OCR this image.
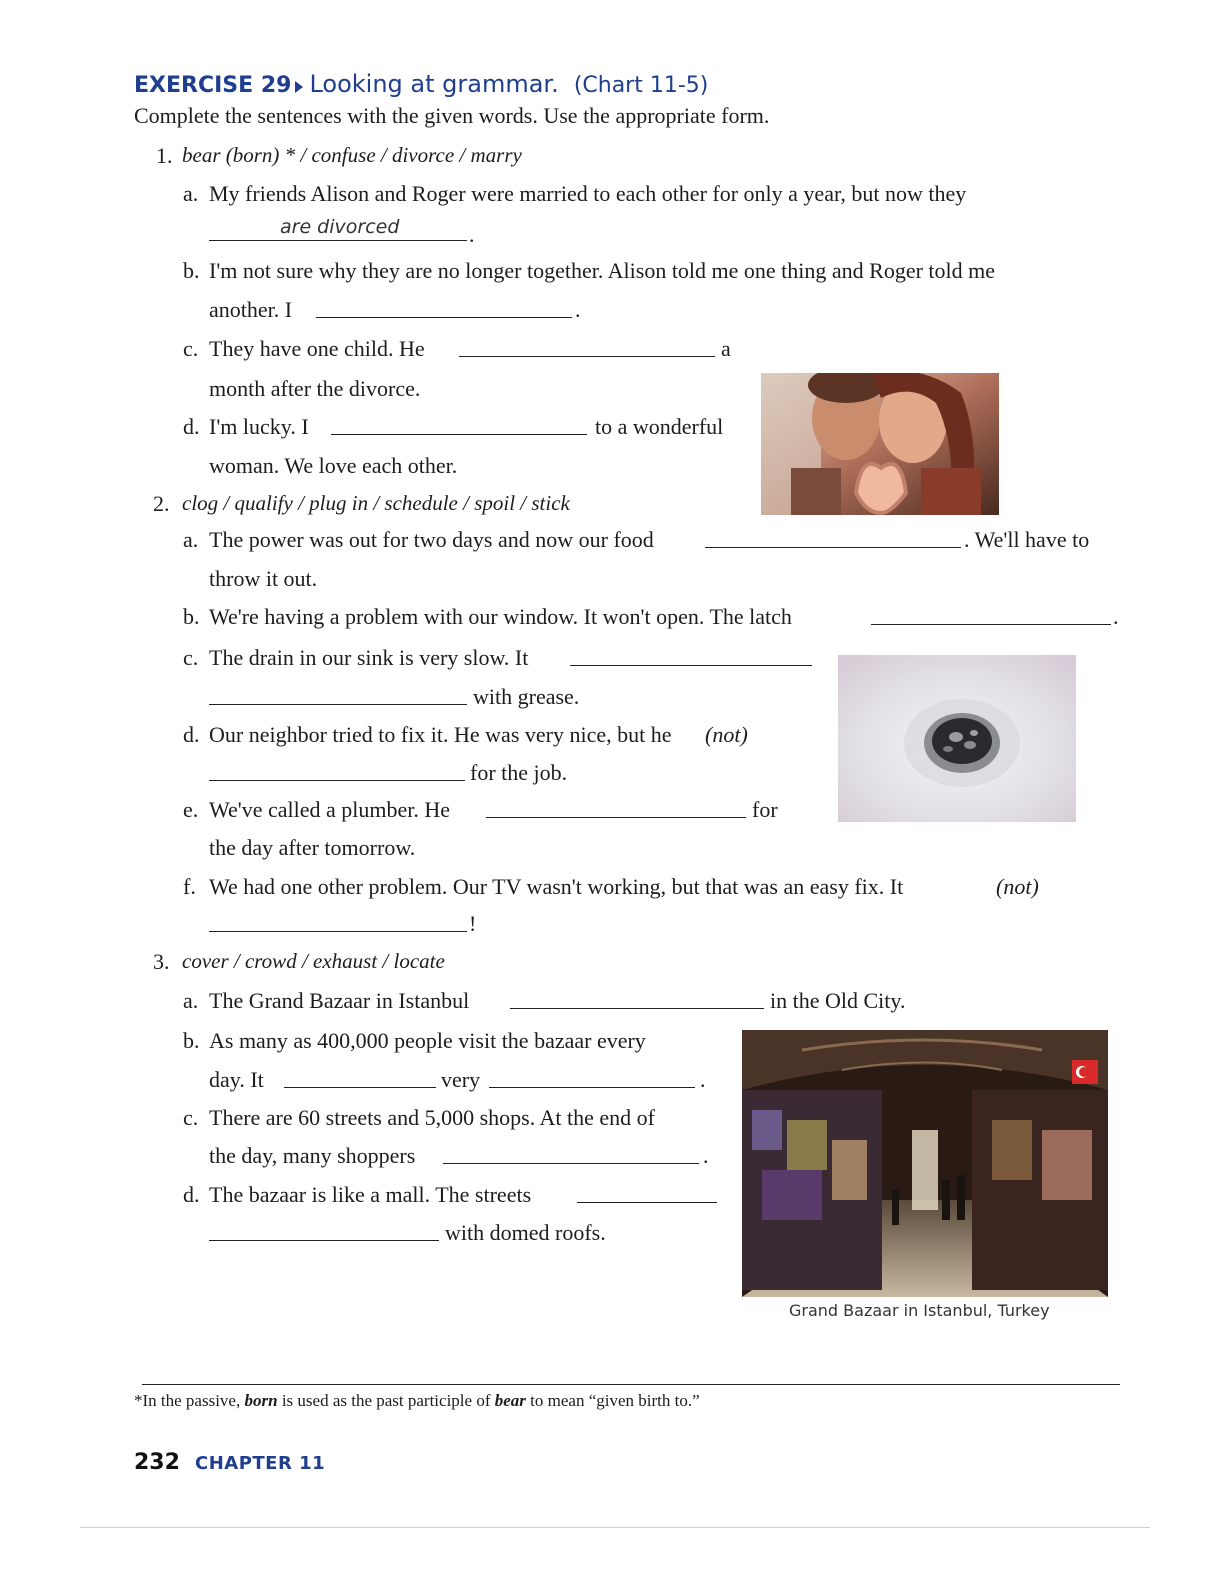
EXERCISE 29 Looking at grammar. (Chart 11-5)
Complete the sentences with the given words. Use the appropriate form.
1. bear (born) * / confuse / divorce / marry
a. My friends Alison and Roger were married to each other for only a year, but now they
are divorced	.
b. I'm not sure why they are no longer together. Alison told me one thing and Roger told me
another. I	.
c. They have one child. He	a
month after the divorce.
d. I'm lucky. I	to a wonderful
woman. We love each other.
2. clog / qualify / plug in / schedule / spoil / stick
a. The power was out for two days and now our food	. We'll have to
throw it out.
b. We're having a problem with our window. It won't open. The latch	.
c. The drain in our sink is very slow. It
with grease.
d. Our neighbor tried to fix it. He was very nice, but he (not)
for the job.
e. We've called a plumber. He	for
the day after tomorrow.
f. We had one other problem. Our TV wasn't working, but that was an easy fix. It	(not)
!
3. cover / crowd / exhaust / locate
a. The Grand Bazaar in Istanbul	in the Old City.
b. As many as 400,000 people visit the bazaar every
day. It	very	.
c. There are 60 streets and 5,000 shops. At the end of
the day, many shoppers	.
d. The bazaar is like a mall. The streets
with domed roofs.
Grand Bazaar in Istanbul, Turkey
*In the passive, born is used as the past participle of bear to mean “given birth to.”
232 CHAPTER 11
